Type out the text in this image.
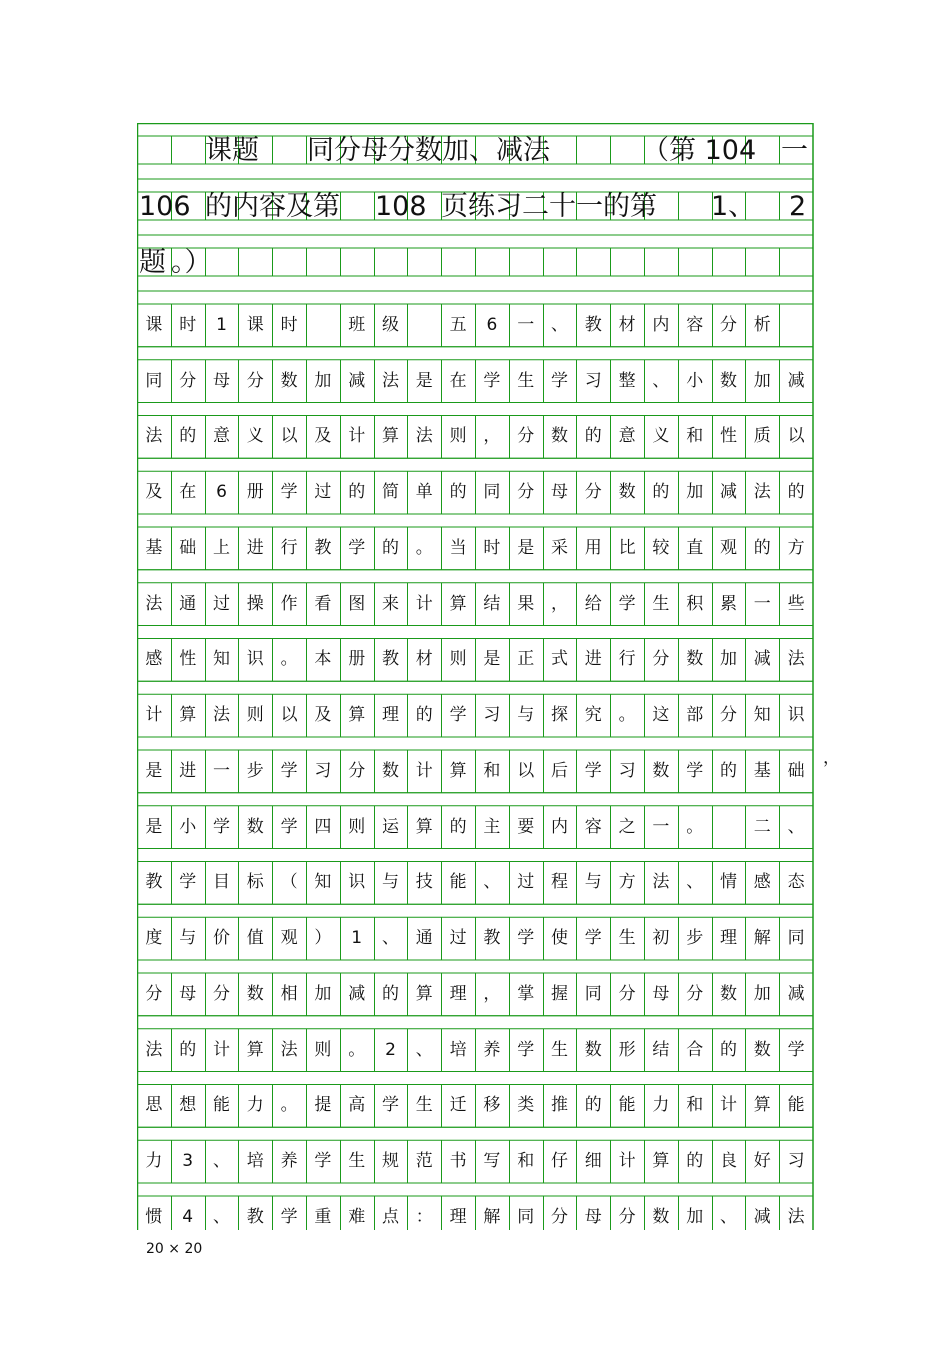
课题 同分母分数加、减法	（第 104 一
106 的内容及第 108 页练习二十一的第 1、 2
题 。）
课 时	1	课 时	班 级	五	6	一 、 教 材 内 容 分 析
同 分 母 分 数 加 减 法 是 在 学 生 学 习 整 、 小 数 加 减
法 的 意 义 以 及 计 算 法 则 ， 分 数 的 意 义 和 性 质 以
及 在	6	册 学 过 的 简 单 的 同 分 母 分 数 的 加 减 法 的
基 础 上 进 行 教 学 的 。 当 时 是 采 用 比 较 直 观 的 方
法 通 过 操 作 看 图 来 计 算 结 果 ， 给 学 生 积 累 一 些
感 性 知 识 。 本 册 教 材 则 是 正 式 进 行 分 数 加 减 法
计 算 法 则 以 及 算 理 的 学 习 与 探 究 。 这 部 分 知 识
是 进 一 步 学 习 分 数 计 算 和 以 后 学 习 数 学 的 基 础
是 小 学 数 学 四 则 运 算 的 主 要 内 容 之 一 。	二 、
教 学 目 标 （ 知 识 与 技 能 、 过 程 与 方 法 、 情 感 态
度 与 价 值 观 ）	1	、 通 过 教 学 使 学 生 初 步 理 解 同
分 母 分 数 相 加 减 的 算 理 ， 掌 握 同 分 母 分 数 加 减
法 的 计 算 法 则 。	2	、 培 养 学 生 数 形 结 合 的 数 学
思 想 能 力 。 提 高 学 生 迁 移 类 推 的 能 力 和 计 算 能
力	3	、 培 养 学 生 规 范 书 写 和 仔 细 计 算 的 良 好 习
惯	4	、 教 学 重 难 点 ： 理 解 同 分 母 分 数 加 、 减 法
，
20 × 20
